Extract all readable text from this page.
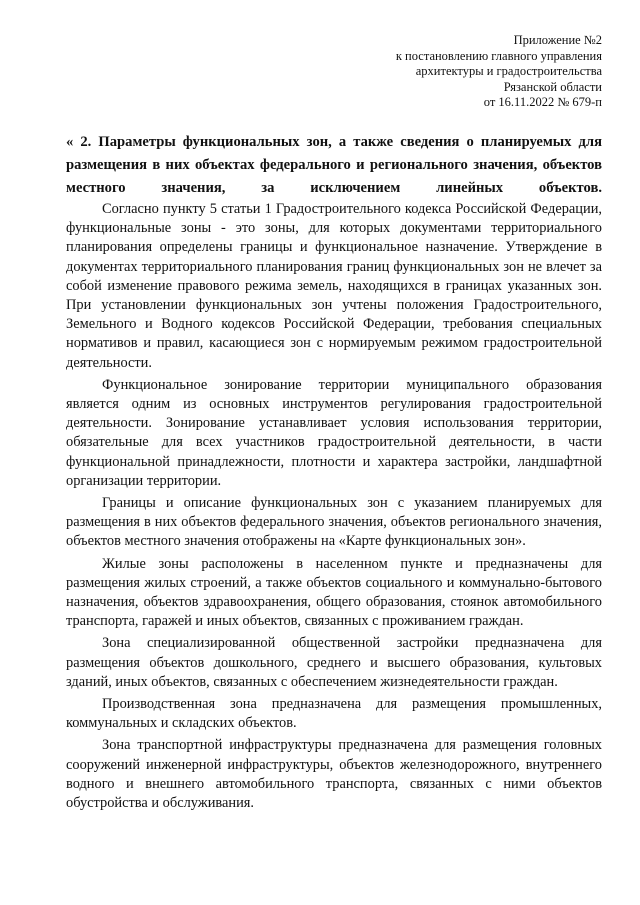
Приложение №2
к постановлению главного управления
архитектуры и градостроительства
Рязанской области
от 16.11.2022 № 679-п
« 2. Параметры функциональных зон, а также сведения о планируемых для размещения в них объектах федерального и регионального значения, объектов местного значения, за исключением линейных объектов.

Согласно пункту 5 статьи 1 Градостроительного кодекса Российской Федерации, функциональные зоны - это зоны, для которых документами территориального планирования определены границы и функциональное назначение. Утверждение в документах территориального планирования границ функциональных зон не влечет за собой изменение правового режима земель, находящихся в границах указанных зон. При установлении функциональных зон учтены положения Градостроительного, Земельного и Водного кодексов Российской Федерации, требования специальных нормативов и правил, касающиеся зон с нормируемым режимом градостроительной деятельности.

Функциональное зонирование территории муниципального образования является одним из основных инструментов регулирования градостроительной деятельности. Зонирование устанавливает условия использования территории, обязательные для всех участников градостроительной деятельности, в части функциональной принадлежности, плотности и характера застройки, ландшафтной организации территории.

Границы и описание функциональных зон с указанием планируемых для размещения в них объектов федерального значения, объектов регионального значения, объектов местного значения отображены на «Карте функциональных зон».

Жилые зоны расположены в населенном пункте и предназначены для размещения жилых строений, а также объектов социального и коммунально-бытового назначения, объектов здравоохранения, общего образования, стоянок автомобильного транспорта, гаражей и иных объектов, связанных с проживанием граждан.

Зона специализированной общественной застройки предназначена для размещения объектов дошкольного, среднего и высшего образования, культовых зданий, иных объектов, связанных с обеспечением жизнедеятельности граждан.

Производственная зона предназначена для размещения промышленных, коммунальных и складских объектов.

Зона транспортной инфраструктуры предназначена для размещения головных сооружений инженерной инфраструктуры, объектов железнодорожного, внутреннего водного и внешнего автомобильного транспорта, связанных с ними объектов обустройства и обслуживания.
